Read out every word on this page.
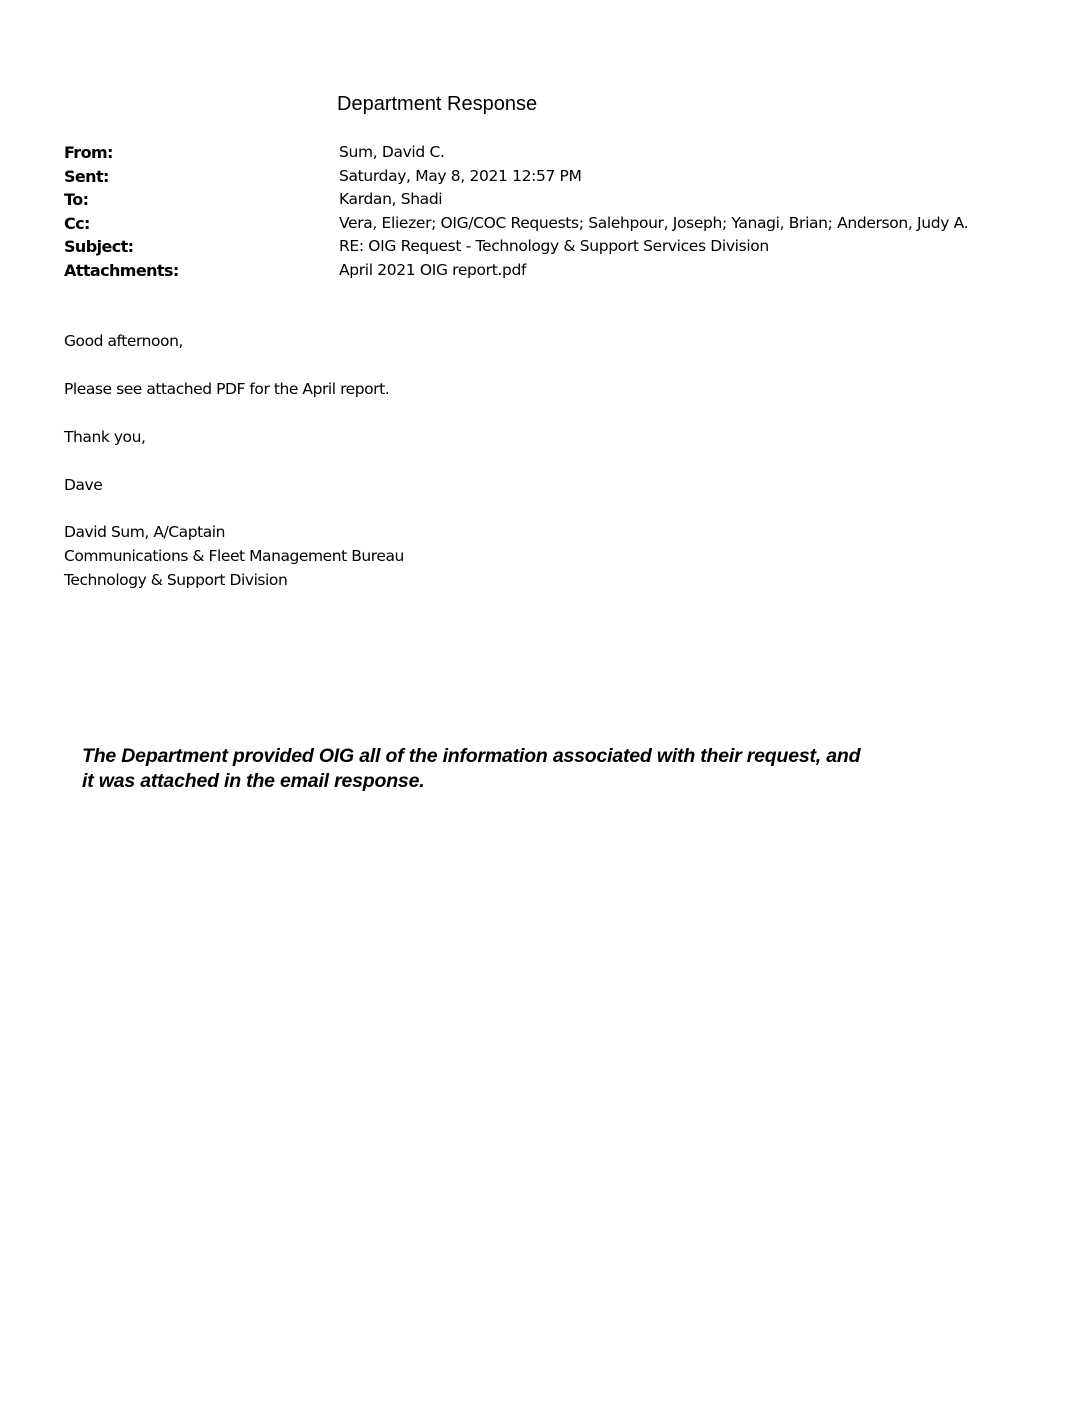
Department Response
From:	Sum, David C.
Sent:	Saturday, May 8, 2021 12:57 PM
To:	Kardan, Shadi
Cc:	Vera, Eliezer; OIG/COC Requests; Salehpour, Joseph; Yanagi, Brian; Anderson, Judy A.
Subject:	RE: OIG Request - Technology & Support Services Division
Attachments:	April 2021 OIG report.pdf
Good afternoon,
Please see attached PDF for the April report.
Thank you,
Dave
David Sum, A/Captain
Communications & Fleet Management Bureau
Technology & Support Division
The Department provided OIG all of the information associated with their request, and
it was attached in the email response.
